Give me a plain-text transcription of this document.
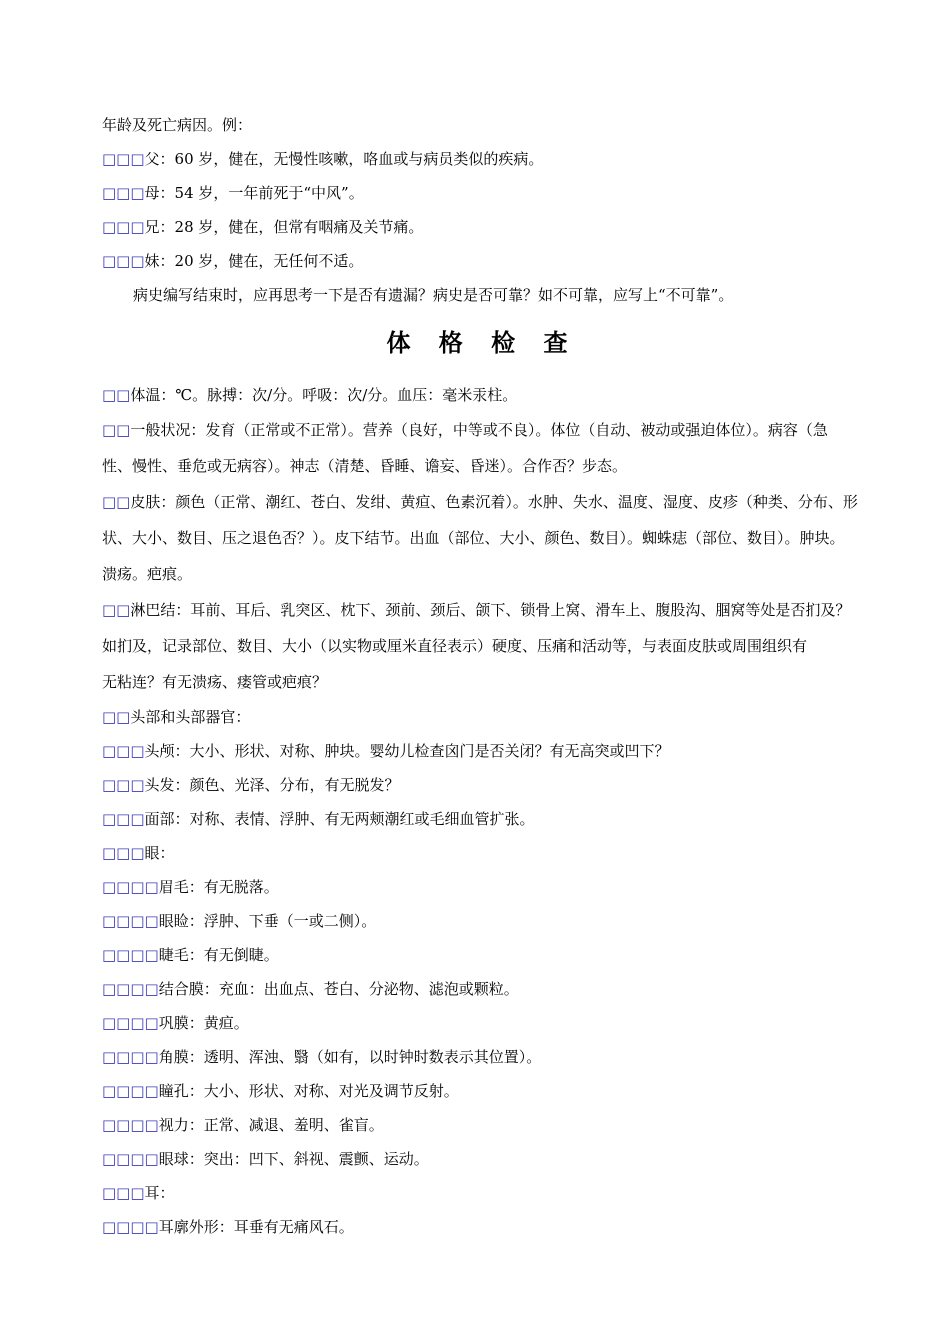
年龄及死亡病因。例：
□□□父：60 岁，健在，无慢性咳嗽，咯血或与病员类似的疾病。
□□□母：54 岁，一年前死于“中风”。
□□□兄：28 岁，健在，但常有咽痛及关节痛。
□□□妹：20 岁，健在，无任何不适。
病史编写结束时，应再思考一下是否有遗漏？病史是否可靠？如不可靠，应写上“不可靠”。
体 格 检 查
□□体温：℃。脉搏：次/分。呼吸：次/分。血压：毫米汞柱。
□□一般状况：发育（正常或不正常）。营养（良好，中等或不良）。体位（自动、被动或强迫体位）。病容（急
性、慢性、垂危或无病容）。神志（清楚、昏睡、谵妄、昏迷）。合作否？步态。
□□皮肤：颜色（正常、潮红、苍白、发绀、黄疸、色素沉着）。水肿、失水、温度、湿度、皮疹（种类、分布、形
状、大小、数目、压之退色否？）。皮下结节。出血（部位、大小、颜色、数目）。蜘蛛痣（部位、数目）。肿块。
溃疡。疤痕。
□□淋巴结：耳前、耳后、乳突区、枕下、颈前、颈后、颌下、锁骨上窝、滑车上、腹股沟、腘窝等处是否扪及？
如扪及，记录部位、数目、大小（以实物或厘米直径表示）硬度、压痛和活动等，与表面皮肤或周围组织有
无粘连？有无溃疡、瘘管或疤痕？
□□头部和头部器官：
□□□头颅：大小、形状、对称、肿块。婴幼儿检查囟门是否关闭？有无高突或凹下？
□□□头发：颜色、光泽、分布，有无脱发？
□□□面部：对称、表情、浮肿、有无两颊潮红或毛细血管扩张。
□□□眼：
□□□□眉毛：有无脱落。
□□□□眼睑：浮肿、下垂（一或二侧）。
□□□□睫毛：有无倒睫。
□□□□结合膜：充血：出血点、苍白、分泌物、滤泡或颗粒。
□□□□巩膜：黄疸。
□□□□角膜：透明、浑浊、翳（如有，以时钟时数表示其位置）。
□□□□瞳孔：大小、形状、对称、对光及调节反射。
□□□□视力：正常、减退、羞明、雀盲。
□□□□眼球：突出：凹下、斜视、震颤、运动。
□□□耳：
□□□□耳廓外形：耳垂有无痛风石。
